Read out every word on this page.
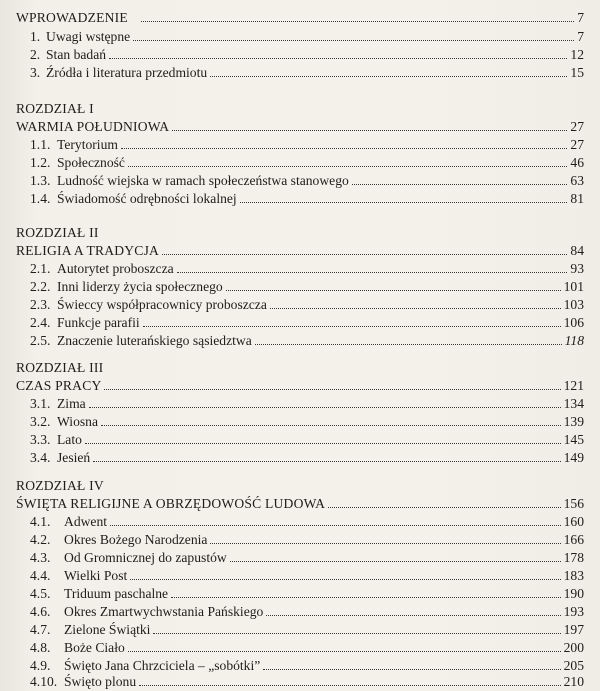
WPROWADZENIE	7
1. Uwagi wstępne	7
2. Stan badań	12
3. Źródła i literatura przedmiotu	15
ROZDZIAŁ I
WARMIA POŁUDNIOWA	27
1.1. Terytorium	27
1.2. Społeczność	46
1.3. Ludność wiejska w ramach społeczeństwa stanowego	63
1.4. Świadomość odrębności lokalnej	81
ROZDZIAŁ II
RELIGIA A TRADYCJA	84
2.1. Autorytet proboszcza	93
2.2. Inni liderzy życia społecznego	101
2.3. Świeccy współpracownicy proboszcza	103
2.4. Funkcje parafii	106
2.5. Znaczenie luterańskiego sąsiedztwa	118
ROZDZIAŁ III
CZAS PRACY	121
3.1. Zima	134
3.2. Wiosna	139
3.3. Lato	145
3.4. Jesień	149
ROZDZIAŁ IV
ŚWIĘTA RELIGIJNE A OBRZĘDOWOŚĆ LUDOWA	156
4.1. Adwent	160
4.2. Okres Bożego Narodzenia	166
4.3. Od Gromnicznej do zapustów	178
4.4. Wielki Post	183
4.5. Triduum paschalne	190
4.6. Okres Zmartwychwstania Pańskiego	193
4.7. Zielone Świątki	197
4.8. Boże Ciało	200
4.9. Święto Jana Chrzciciela – „sobótki”	205
4.10. Święto plonu	210
